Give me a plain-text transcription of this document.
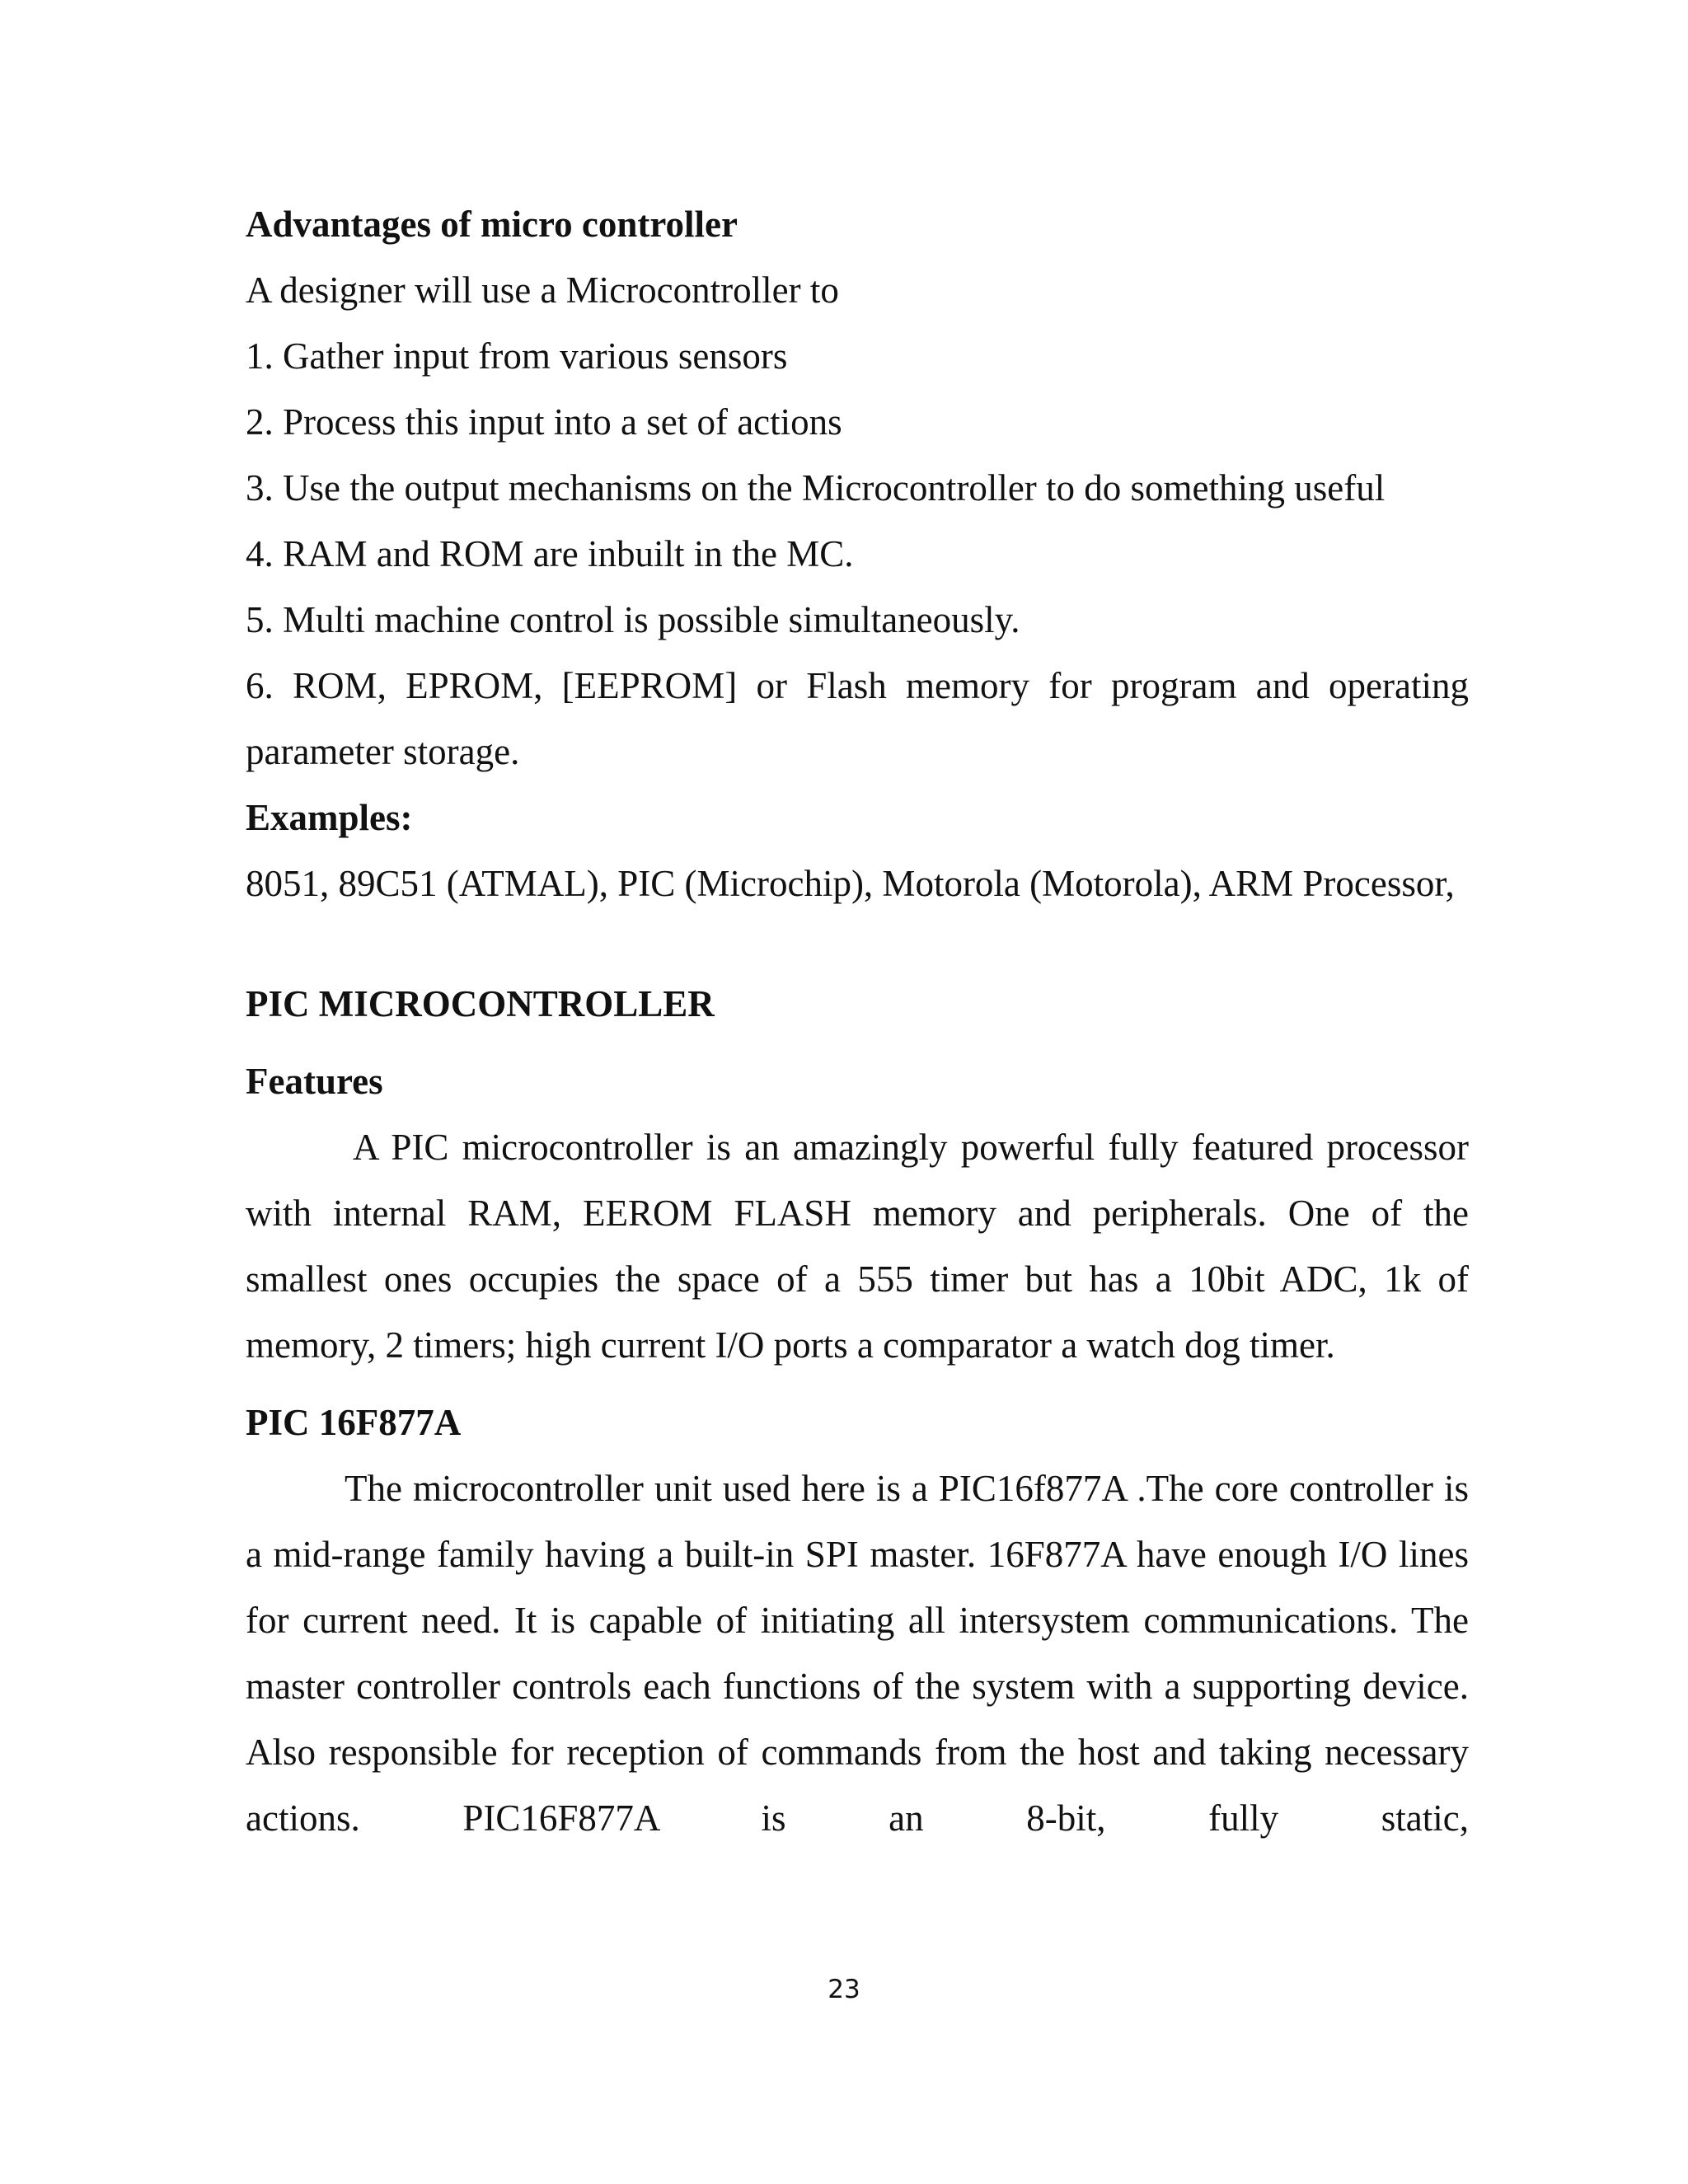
Advantages of micro controller

A designer will use a Microcontroller to

1. Gather input from various sensors

2. Process this input into a set of actions

3. Use the output mechanisms on the Microcontroller to do something useful

4. RAM and ROM are inbuilt in the MC.

5. Multi machine control is possible simultaneously.

6. ROM, EPROM, [EEPROM] or Flash memory for program and operating parameter storage.

Examples:

8051, 89C51 (ATMAL), PIC (Microchip), Motorola (Motorola), ARM Processor,

PIC MICROCONTROLLER

Features

A PIC microcontroller is an amazingly powerful fully featured processor with internal RAM, EEROM FLASH memory and peripherals. One of the smallest ones occupies the space of a 555 timer but has a 10bit ADC, 1k of memory, 2 timers; high current I/O ports a comparator a watch dog timer.

PIC 16F877A

The microcontroller unit used here is a PIC16f877A .The core controller is a mid-range family having a built-in SPI master. 16F877A have enough I/O lines for current need. It is capable of initiating all intersystem communications. The master controller controls each functions of the system with a supporting device. Also responsible for reception of commands from the host and taking necessary actions. PIC16F877A is an 8-bit, fully static,

23
